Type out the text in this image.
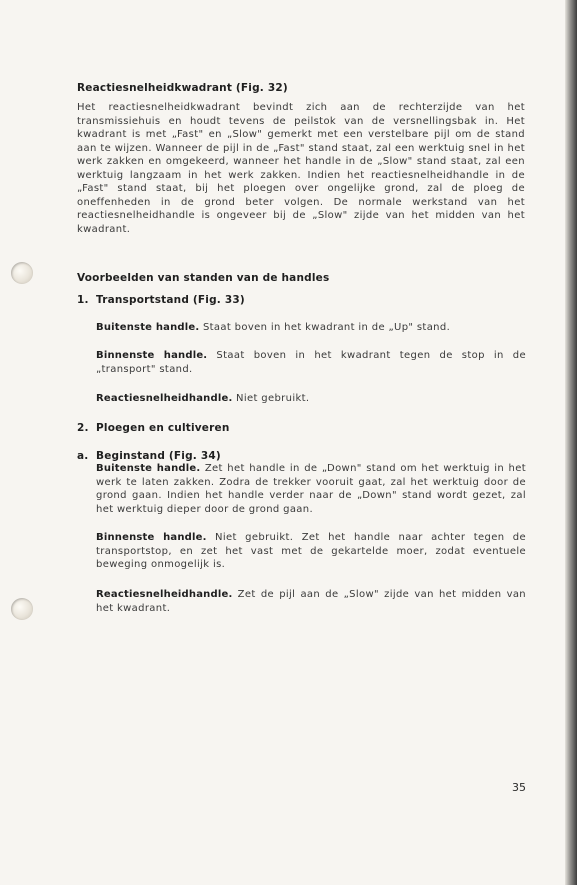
Reactiesnelheidkwadrant (Fig. 32)
Het reactiesnelheidkwadrant bevindt zich aan de rechterzijde van het transmissiehuis en houdt tevens de peilstok van de versnellingsbak in. Het kwadrant is met „Fast" en „Slow" gemerkt met een verstelbare pijl om de stand aan te wijzen. Wanneer de pijl in de „Fast" stand staat, zal een werktuig snel in het werk zakken en omgekeerd, wanneer het handle in de „Slow" stand staat, zal een werktuig langzaam in het werk zakken. Indien het reactiesnelheidhandle in de „Fast" stand staat, bij het ploegen over ongelijke grond, zal de ploeg de oneffenheden in de grond beter volgen. De normale werkstand van het reactiesnelheidhandle is ongeveer bij de „Slow" zijde van het midden van het kwadrant.
Voorbeelden van standen van de handles
1. Transportstand (Fig. 33)
Buitenste handle. Staat boven in het kwadrant in de „Up" stand.
Binnenste handle. Staat boven in het kwadrant tegen de stop in de „transport" stand.
Reactiesnelheidhandle. Niet gebruikt.
2. Ploegen en cultiveren
a. Beginstand (Fig. 34)
Buitenste handle. Zet het handle in de „Down" stand om het werktuig in het werk te laten zakken. Zodra de trekker vooruit gaat, zal het werktuig door de grond gaan. Indien het handle verder naar de „Down" stand wordt gezet, zal het werktuig dieper door de grond gaan.
Binnenste handle. Niet gebruikt. Zet het handle naar achter tegen de transportstop, en zet het vast met de gekartelde moer, zodat eventuele beweging onmogelijk is.
Reactiesnelheidhandle. Zet de pijl aan de „Slow" zijde van het midden van het kwadrant.
35
